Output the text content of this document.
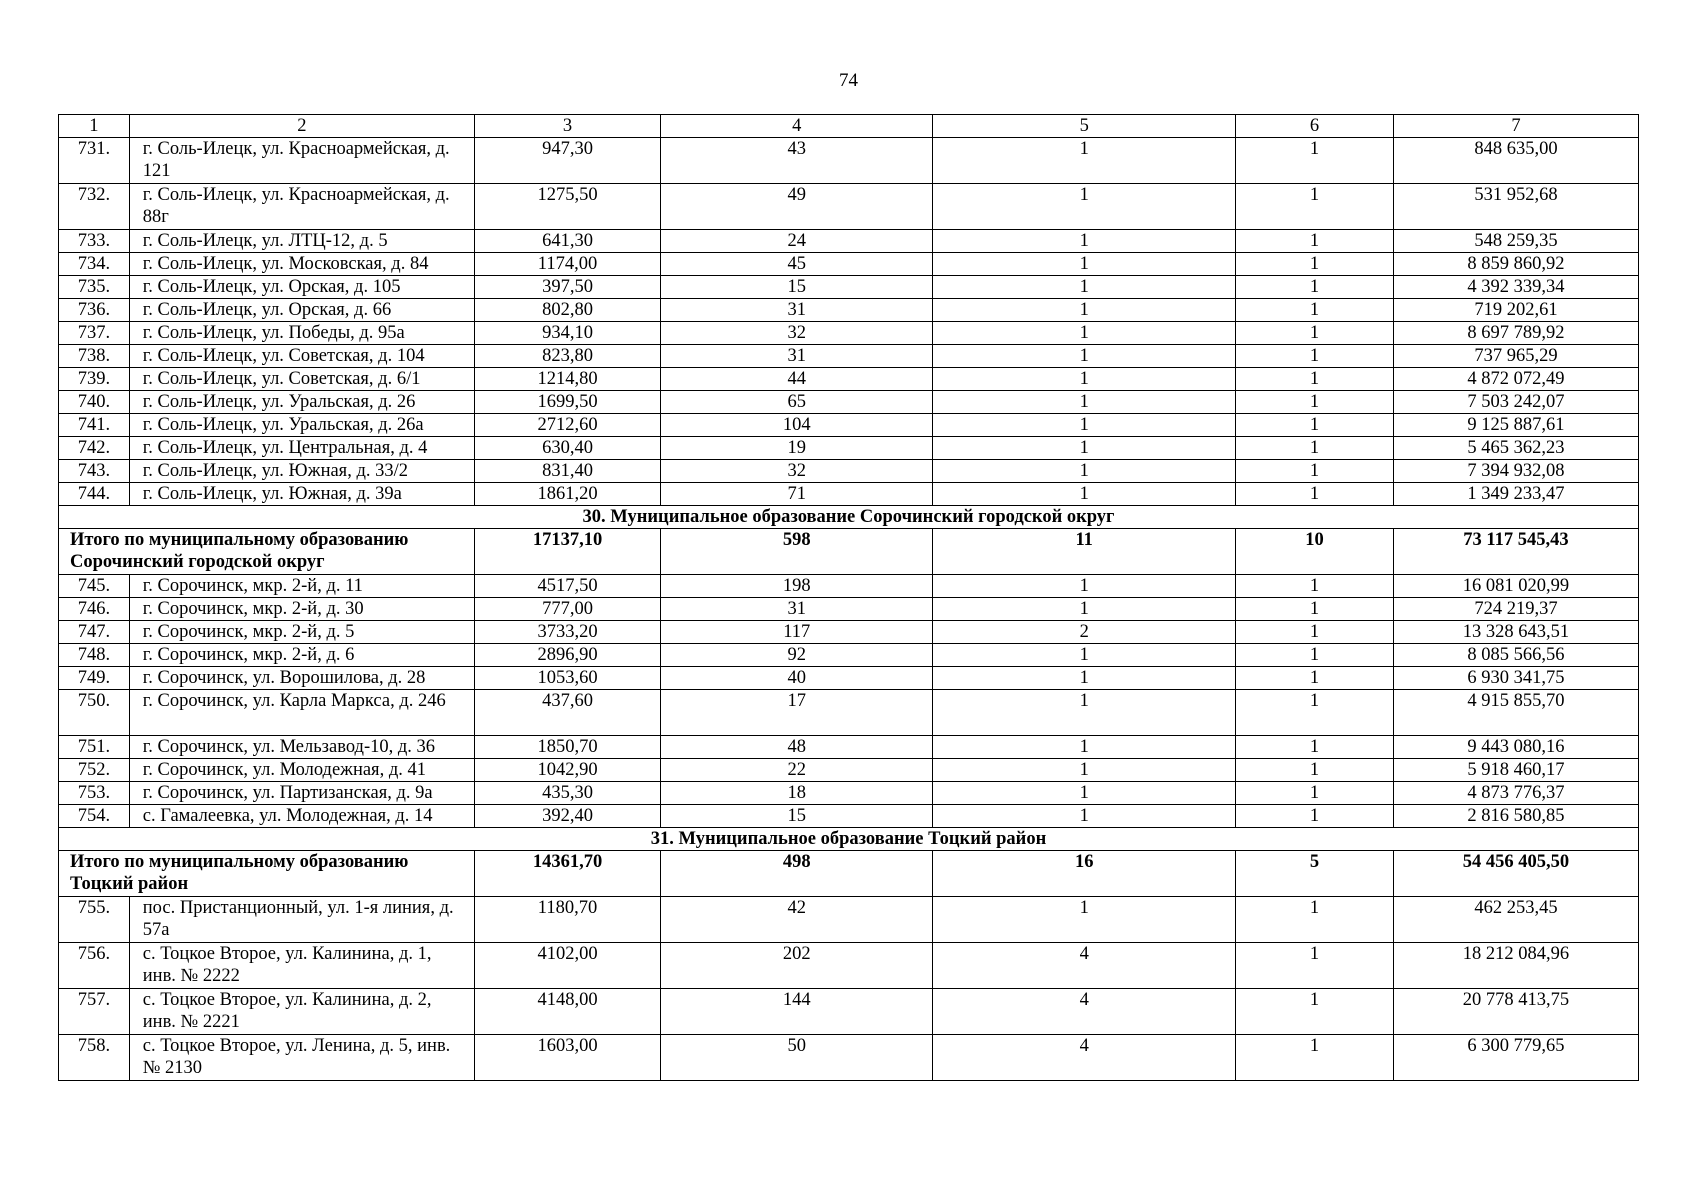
74
1	2	3	4	5	6	7
731.	г. Соль-Илецк, ул. Красноармейская, д. 121	947,30	43	1	1	848 635,00
732.	г. Соль-Илецк, ул. Красноармейская, д. 88г	1275,50	49	1	1	531 952,68
733.	г. Соль-Илецк, ул. ЛТЦ-12, д. 5	641,30	24	1	1	548 259,35
734.	г. Соль-Илецк, ул. Московская, д. 84	1174,00	45	1	1	8 859 860,92
735.	г. Соль-Илецк, ул. Орская, д. 105	397,50	15	1	1	4 392 339,34
736.	г. Соль-Илецк, ул. Орская, д. 66	802,80	31	1	1	719 202,61
737.	г. Соль-Илецк, ул. Победы, д. 95а	934,10	32	1	1	8 697 789,92
738.	г. Соль-Илецк, ул. Советская, д. 104	823,80	31	1	1	737 965,29
739.	г. Соль-Илецк, ул. Советская, д. 6/1	1214,80	44	1	1	4 872 072,49
740.	г. Соль-Илецк, ул. Уральская, д. 26	1699,50	65	1	1	7 503 242,07
741.	г. Соль-Илецк, ул. Уральская, д. 26а	2712,60	104	1	1	9 125 887,61
742.	г. Соль-Илецк, ул. Центральная, д. 4	630,40	19	1	1	5 465 362,23
743.	г. Соль-Илецк, ул. Южная, д. 33/2	831,40	32	1	1	7 394 932,08
744.	г. Соль-Илецк, ул. Южная, д. 39а	1861,20	71	1	1	1 349 233,47
30. Муниципальное образование Сорочинский городской округ						
Итого по муниципальному образованию Сорочинский городской округ		17137,10	598	11	10	73 117 545,43
745.	г. Сорочинск, мкр. 2-й, д. 11	4517,50	198	1	1	16 081 020,99
746.	г. Сорочинск, мкр. 2-й, д. 30	777,00	31	1	1	724 219,37
747.	г. Сорочинск, мкр. 2-й, д. 5	3733,20	117	2	1	13 328 643,51
748.	г. Сорочинск, мкр. 2-й, д. 6	2896,90	92	1	1	8 085 566,56
749.	г. Сорочинск, ул. Ворошилова, д. 28	1053,60	40	1	1	6 930 341,75
750.	г. Сорочинск, ул. Карла Маркса, д. 246	437,60	17	1	1	4 915 855,70
751.	г. Сорочинск, ул. Мельзавод-10, д. 36	1850,70	48	1	1	9 443 080,16
752.	г. Сорочинск, ул. Молодежная, д. 41	1042,90	22	1	1	5 918 460,17
753.	г. Сорочинск, ул. Партизанская, д. 9а	435,30	18	1	1	4 873 776,37
754.	с. Гамалеевка, ул. Молодежная, д. 14	392,40	15	1	1	2 816 580,85
31. Муниципальное образование Тоцкий район						
Итого по муниципальному образованию Тоцкий район		14361,70	498	16	5	54 456 405,50
755.	пос. Пристанционный, ул. 1-я линия, д. 57а	1180,70	42	1	1	462 253,45
756.	с. Тоцкое Второе, ул. Калинина, д. 1, инв. № 2222	4102,00	202	4	1	18 212 084,96
757.	с. Тоцкое Второе, ул. Калинина, д. 2, инв. № 2221	4148,00	144	4	1	20 778 413,75
758.	с. Тоцкое Второе, ул. Ленина, д. 5, инв. № 2130	1603,00	50	4	1	6 300 779,65
